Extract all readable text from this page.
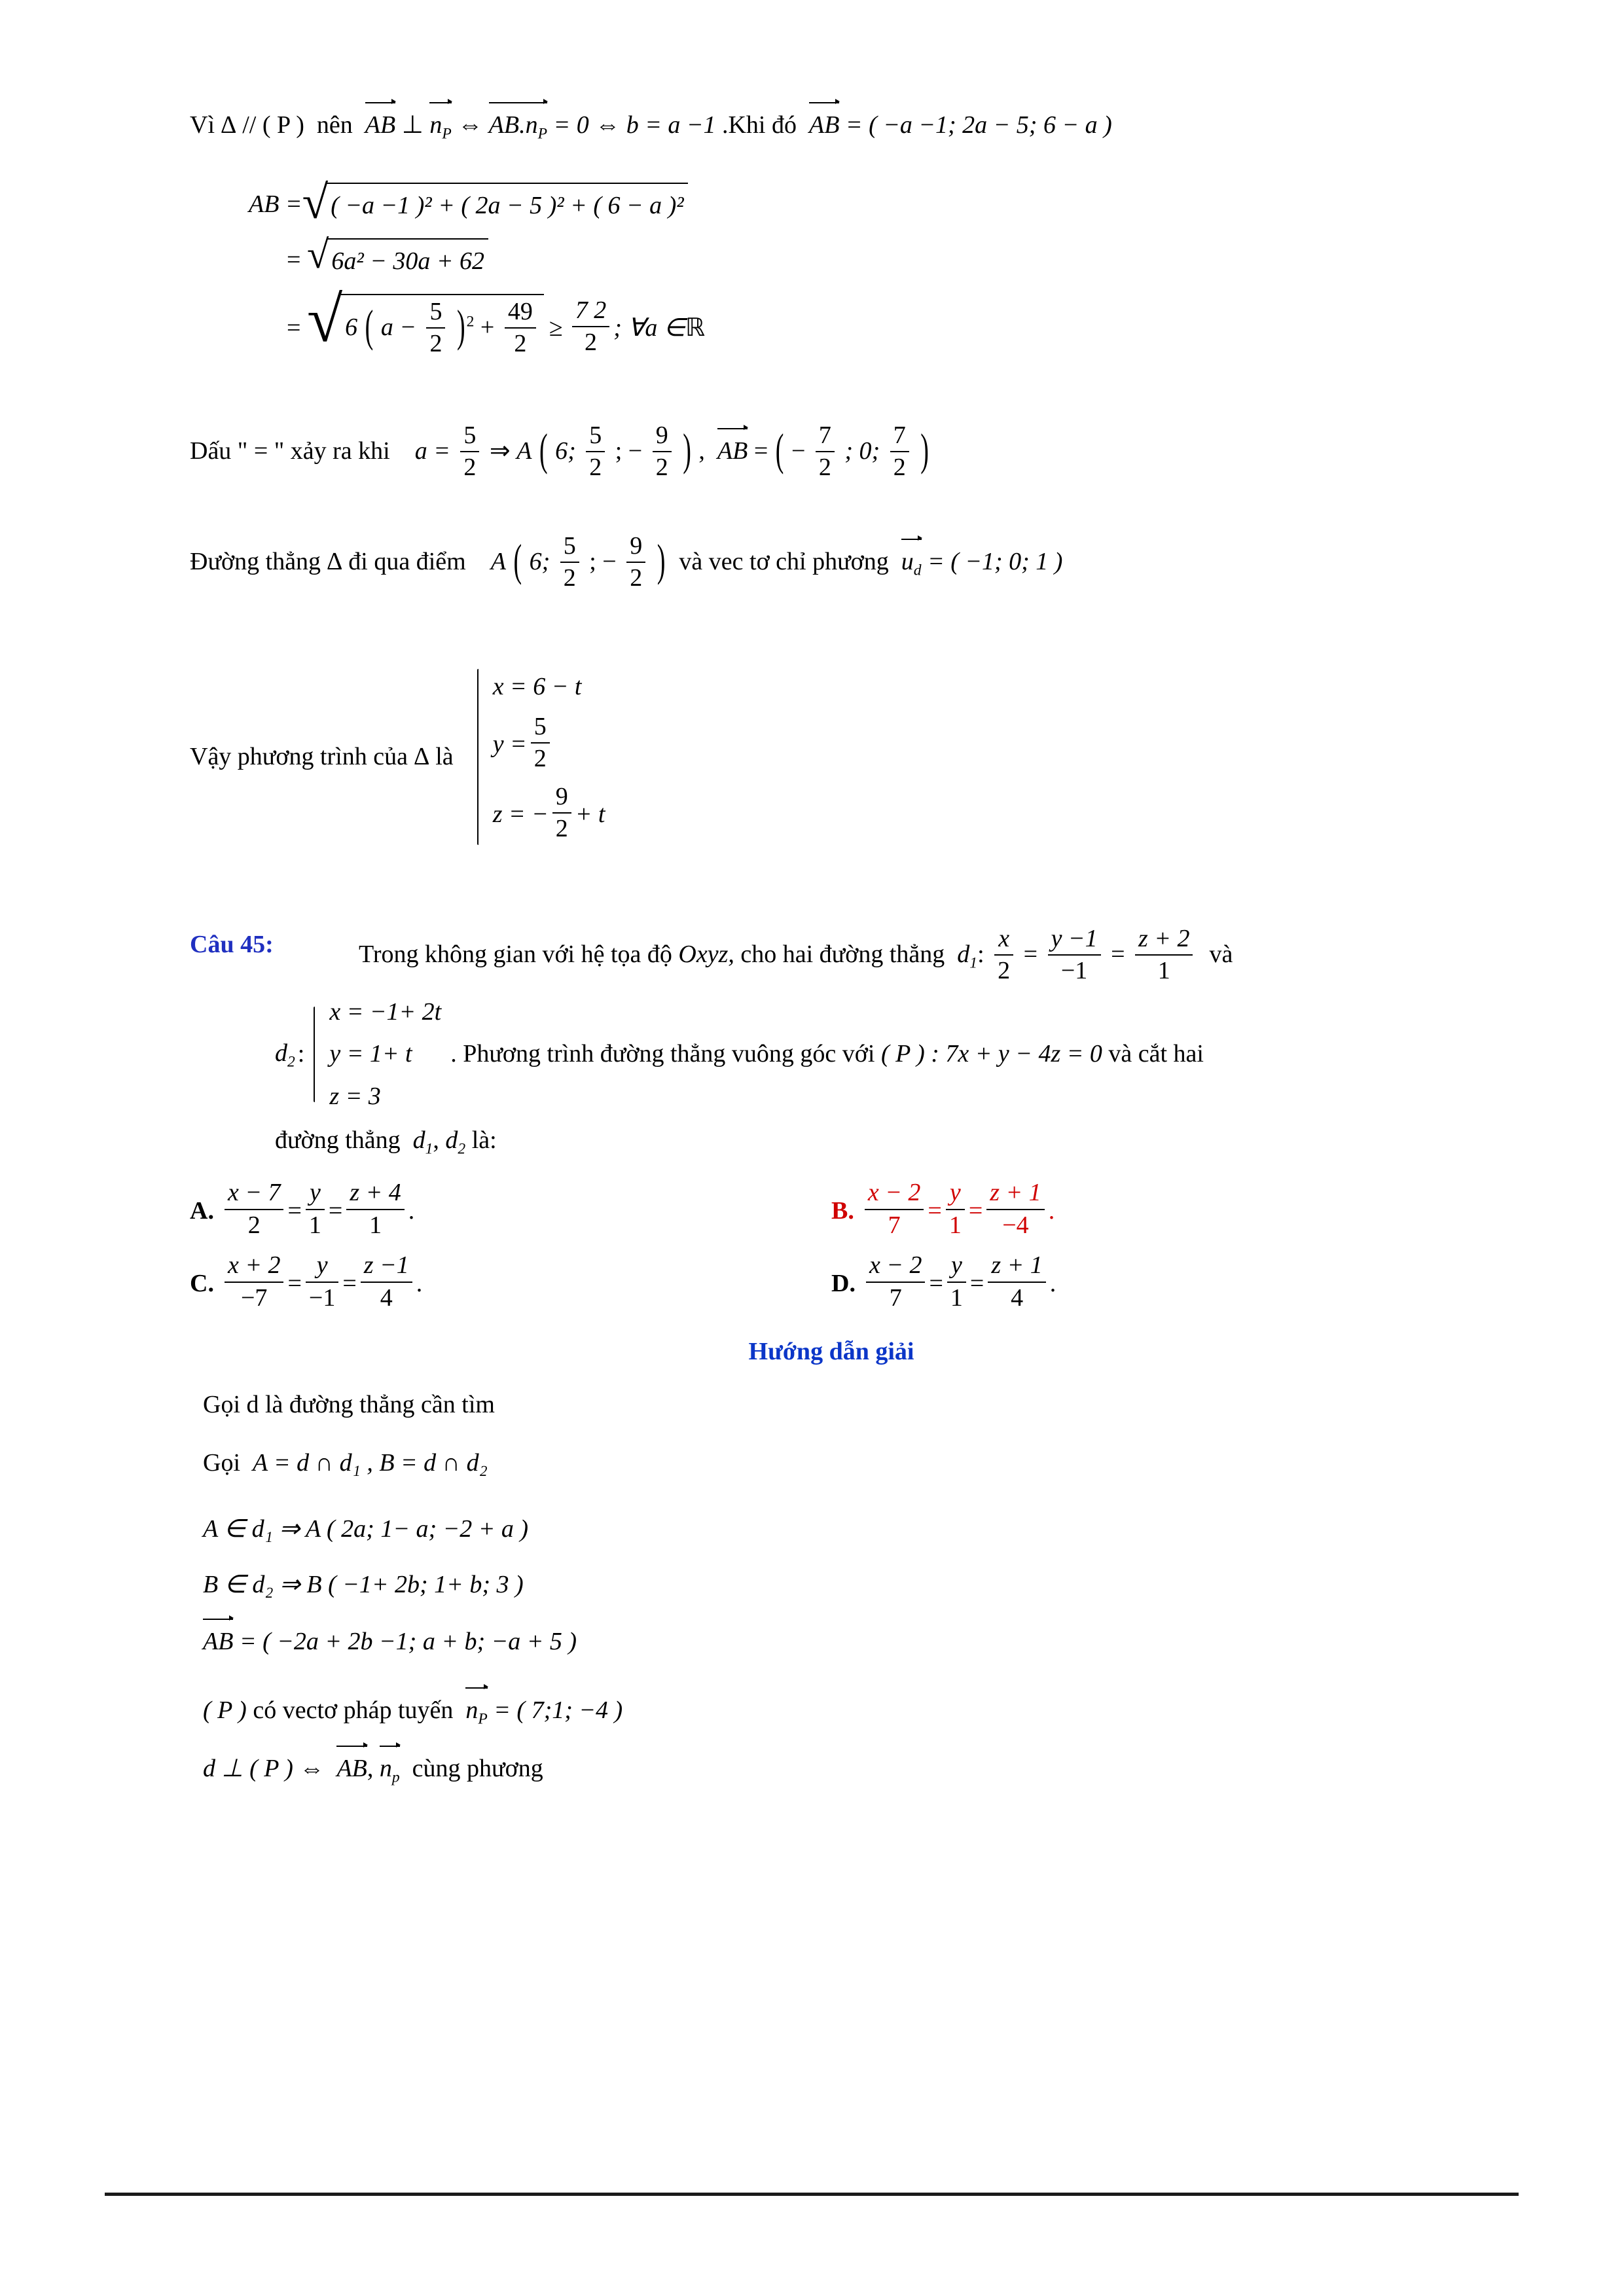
Vì ∆ // ( P ) nên AB ⊥ $n_P$ ⇔ $AB.n_P = 0$ ⇔ b = a −1 .Khi đó AB = ( −a −1; 2a − 5; 6 − a )
AB = √ ( −a −1 )² + ( 2a − 5 )² + ( 6 − a )²
=
√ 6a² − 30a + 62
=
√ 6 ( $a - \frac{5}{2} )^2 + \frac{49}{2} \ge \frac{7 2}{2}$ ; ∀a ∈ ℝ
Dấu " = " xảy ra khi $a = \frac{5}{2}$ ⇒ A ( 6; $\frac{5}{2}$ ; − $\frac{9}{2}$ ) , AB = ( − $\frac{7}{2}$ ; 0; $\frac{7}{2}$ )
Đường thẳng ∆ đi qua điểm A ( 6; $\frac{5}{2}$ ; − $\frac{9}{2}$ ) và vec tơ chỉ phương $u_d$ = ( −1; 0; 1 )
Vậy phương trình của ∆ là
x = 6 − t
$y = \frac{5}{2}$
z = − $\frac{9}{2} + t$
Câu 45:	Trong không gian với hệ tọa độ Oxyz, cho hai đường thẳng $d_1$: $\frac{x}{2} = \frac{y -1}{-1} = \frac{z + 2}{1}$ và
$d_2$ :
x = −1+ 2t
y = 1+ t
z = 3
. Phương trình đường thẳng vuông góc với
( P ) : 7x + y − 4z = 0
và cắt hai
đường thẳng $d_1$, $d_2$ là:
A. $\frac{x - 7}{2} = \frac{y}{1} = \frac{z + 4}{1}$ .	B. $\frac{x - 2}{7} = \frac{y}{1} = \frac{z + 1}{-4}$ .
C. $\frac{x + 2}{-7} = \frac{y}{-1} = \frac{z -1}{4}$ .	D. $\frac{x - 2}{7} = \frac{y}{1} = \frac{z + 1}{4}$ .
Hướng dẫn giải
Gọi d là đường thẳng cần tìm
Gọi A = d ∩ d₁ , B = d ∩ d₂
A ∈ d₁ ⇒ A ( 2a; 1− a; −2 + a )
B ∈ d₂ ⇒ B ( −1+ 2b; 1+ b; 3 )
AB = ( −2a + 2b −1; a + b; −a + 5 )
( P ) có vectơ pháp tuyến $n_P$ = ( 7;1; −4 )
d ⊥ ( P ) ⇔ AB, $n_p$ cùng phương
